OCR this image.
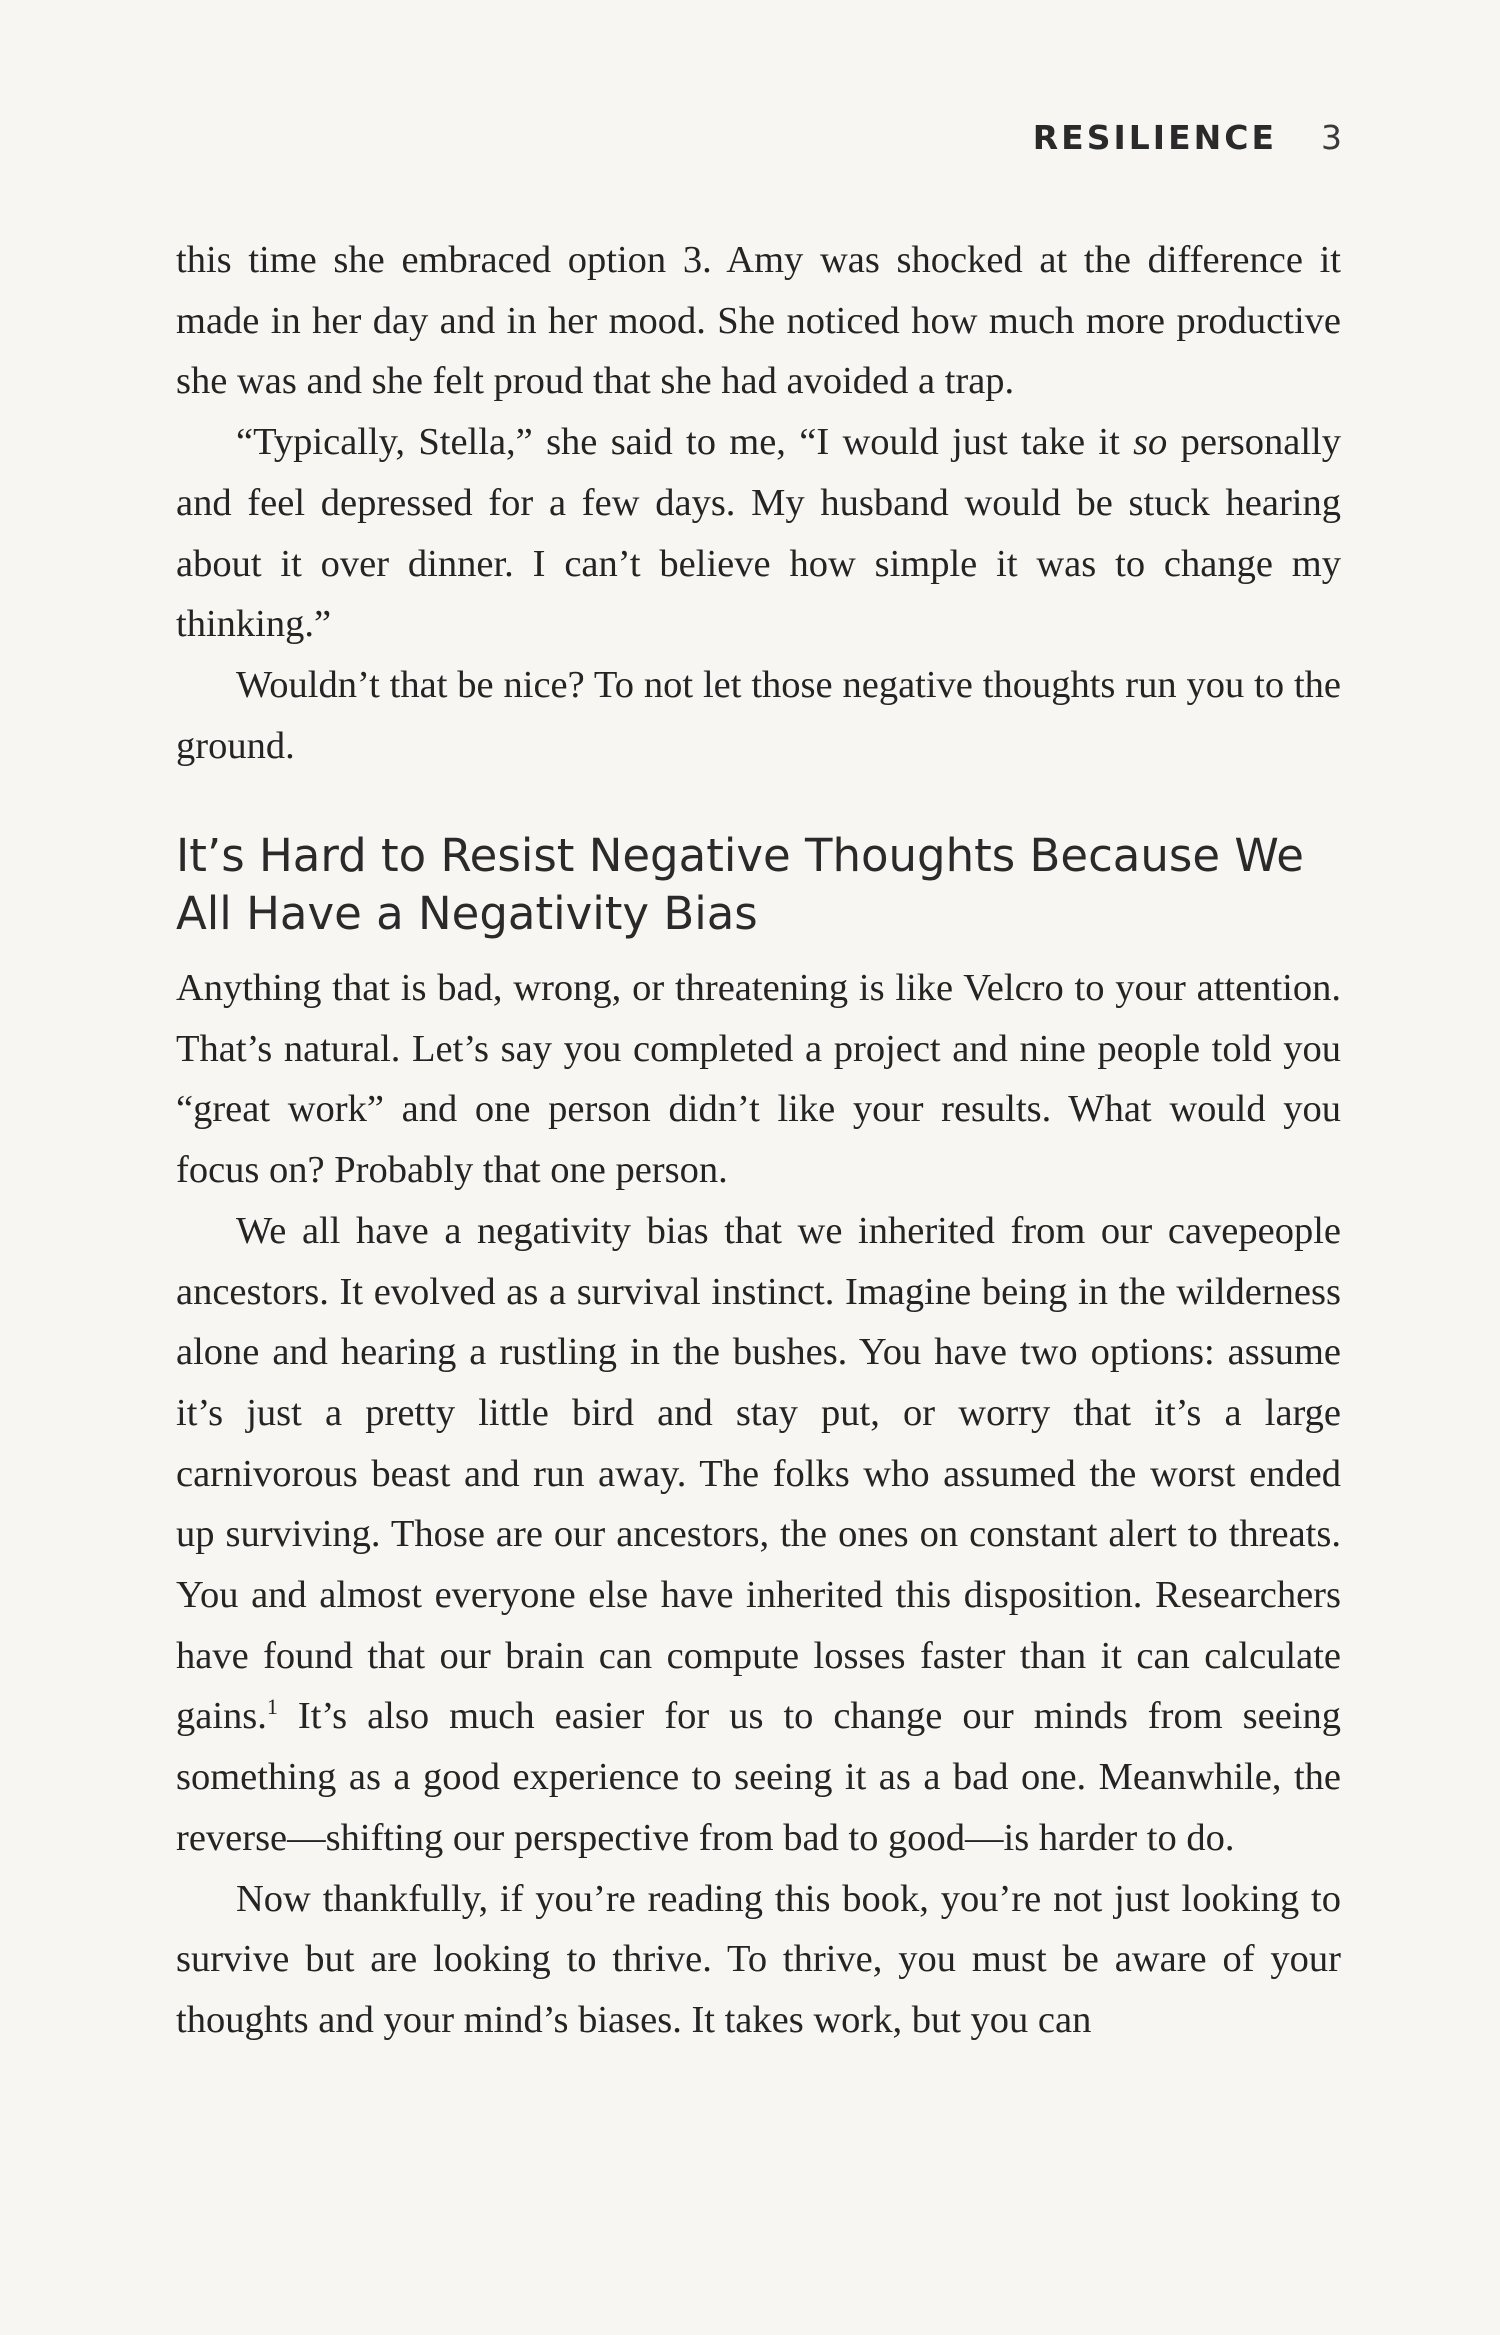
RESILIENCE 3

this time she embraced option 3. Amy was shocked at the difference it made in her day and in her mood. She noticed how much more productive she was and she felt proud that she had avoided a trap.

“Typically, Stella,” she said to me, “I would just take it so personally and feel depressed for a few days. My husband would be stuck hearing about it over dinner. I can’t believe how simple it was to change my thinking.”

Wouldn’t that be nice? To not let those negative thoughts run you to the ground.

It’s Hard to Resist Negative Thoughts Because We All Have a Negativity Bias

Anything that is bad, wrong, or threatening is like Velcro to your attention. That’s natural. Let’s say you completed a project and nine people told you “great work” and one person didn’t like your results. What would you focus on? Probably that one person.

We all have a negativity bias that we inherited from our cavepeople ancestors. It evolved as a survival instinct. Imagine being in the wilderness alone and hearing a rustling in the bushes. You have two options: assume it’s just a pretty little bird and stay put, or worry that it’s a large carnivorous beast and run away. The folks who assumed the worst ended up surviving. Those are our ancestors, the ones on constant alert to threats. You and almost everyone else have inherited this disposition. Researchers have found that our brain can compute losses faster than it can calculate gains.$^1$ It’s also much easier for us to change our minds from seeing something as a good experience to seeing it as a bad one. Meanwhile, the reverse—shifting our perspective from bad to good—is harder to do.

Now thankfully, if you’re reading this book, you’re not just looking to survive but are looking to thrive. To thrive, you must be aware of your thoughts and your mind’s biases. It takes work, but you can
